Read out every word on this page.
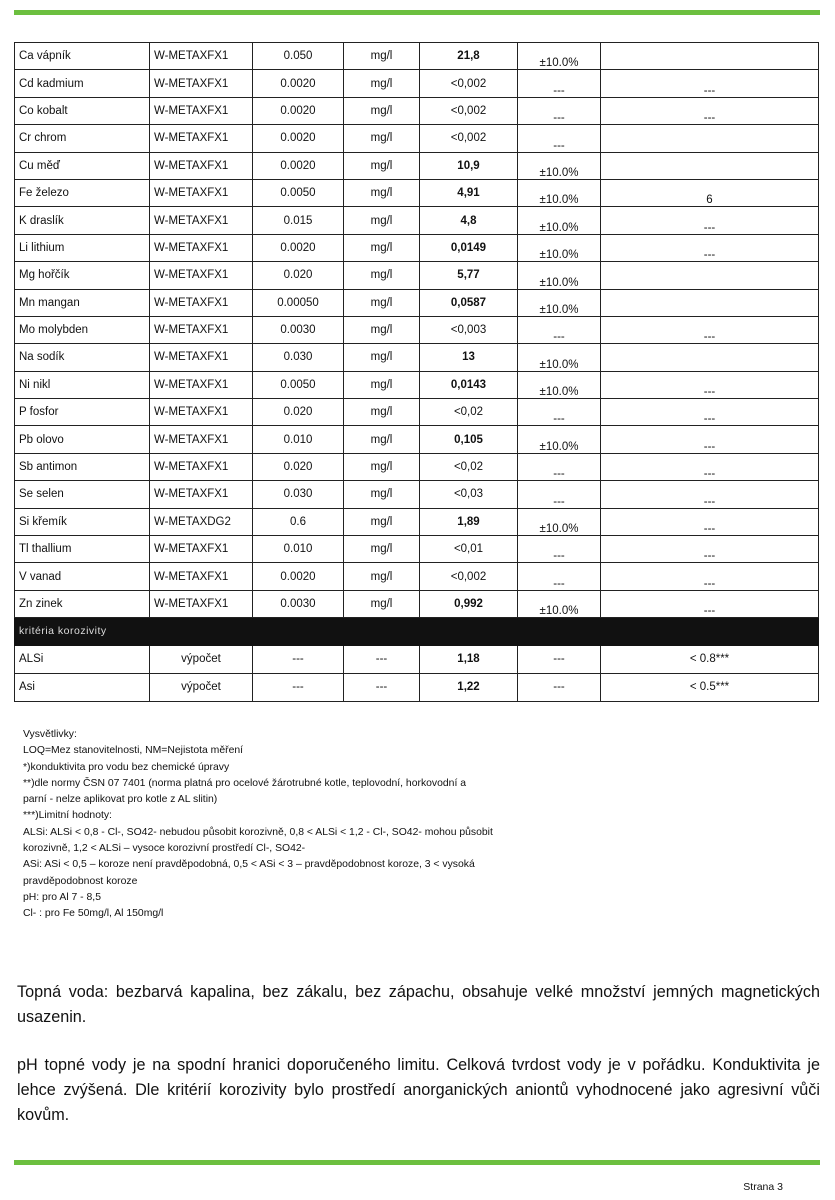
Ca vápník	W-METAXFX1	0.050	mg/l	21,8	±10.0%	
Cd kadmium	W-METAXFX1	0.0020	mg/l	<0,002	---	---
Co kobalt	W-METAXFX1	0.0020	mg/l	<0,002	---	---
Cr chrom	W-METAXFX1	0.0020	mg/l	<0,002	---	
Cu měď	W-METAXFX1	0.0020	mg/l	10,9	±10.0%	
Fe železo	W-METAXFX1	0.0050	mg/l	4,91	±10.0%	6
K draslík	W-METAXFX1	0.015	mg/l	4,8	±10.0%	---
Li lithium	W-METAXFX1	0.0020	mg/l	0,0149	±10.0%	---
Mg hořčík	W-METAXFX1	0.020	mg/l	5,77	±10.0%	
Mn mangan	W-METAXFX1	0.00050	mg/l	0,0587	±10.0%	
Mo molybden	W-METAXFX1	0.0030	mg/l	<0,003	---	---
Na sodík	W-METAXFX1	0.030	mg/l	13	±10.0%	
Ni nikl	W-METAXFX1	0.0050	mg/l	0,0143	±10.0%	---
P fosfor	W-METAXFX1	0.020	mg/l	<0,02	---	---
Pb olovo	W-METAXFX1	0.010	mg/l	0,105	±10.0%	---
Sb antimon	W-METAXFX1	0.020	mg/l	<0,02	---	---
Se selen	W-METAXFX1	0.030	mg/l	<0,03	---	---
Si křemík	W-METAXDG2	0.6	mg/l	1,89	±10.0%	---
Tl thallium	W-METAXFX1	0.010	mg/l	<0,01	---	---
V vanad	W-METAXFX1	0.0020	mg/l	<0,002	---	---
Zn zinek	W-METAXFX1	0.0030	mg/l	0,992	±10.0%	---
kritéria korozivity						
ALSi	výpočet	---	---	1,18	---	< 0.8***
Asi	výpočet	---	---	1,22	---	< 0.5***
Vysvětlivky:
LOQ=Mez stanovitelnosti, NM=Nejistota měření
*)konduktivita pro vodu bez chemické úpravy
**)dle normy ČSN 07 7401 (norma platná pro ocelové žárotrubné kotle, teplovodní, horkovodní a
parní - nelze aplikovat pro kotle z AL slitin)
***)Limitní hodnoty:
ALSi: ALSi < 0,8 - Cl-, SO42- nebudou působit korozivně, 0,8 < ALSi < 1,2 - Cl-, SO42- mohou působit
korozivně, 1,2 < ALSi – vysoce korozivní prostředí Cl-, SO42-
ASi: ASi < 0,5 – koroze není pravděpodobná, 0,5 < ASi < 3 – pravděpodobnost koroze, 3 < vysoká
pravděpodobnost koroze
pH: pro Al 7 - 8,5
Cl- : pro Fe 50mg/l, Al 150mg/l
Topná voda: bezbarvá kapalina, bez zákalu, bez zápachu, obsahuje velké množství jemných magnetických usazenin.
pH topné vody je na spodní hranici doporučeného limitu. Celková tvrdost vody je v pořádku. Konduktivita je lehce zvýšená. Dle kritérií korozivity bylo prostředí anorganických aniontů vyhodnocené jako agresivní vůči kovům.
Strana 3
